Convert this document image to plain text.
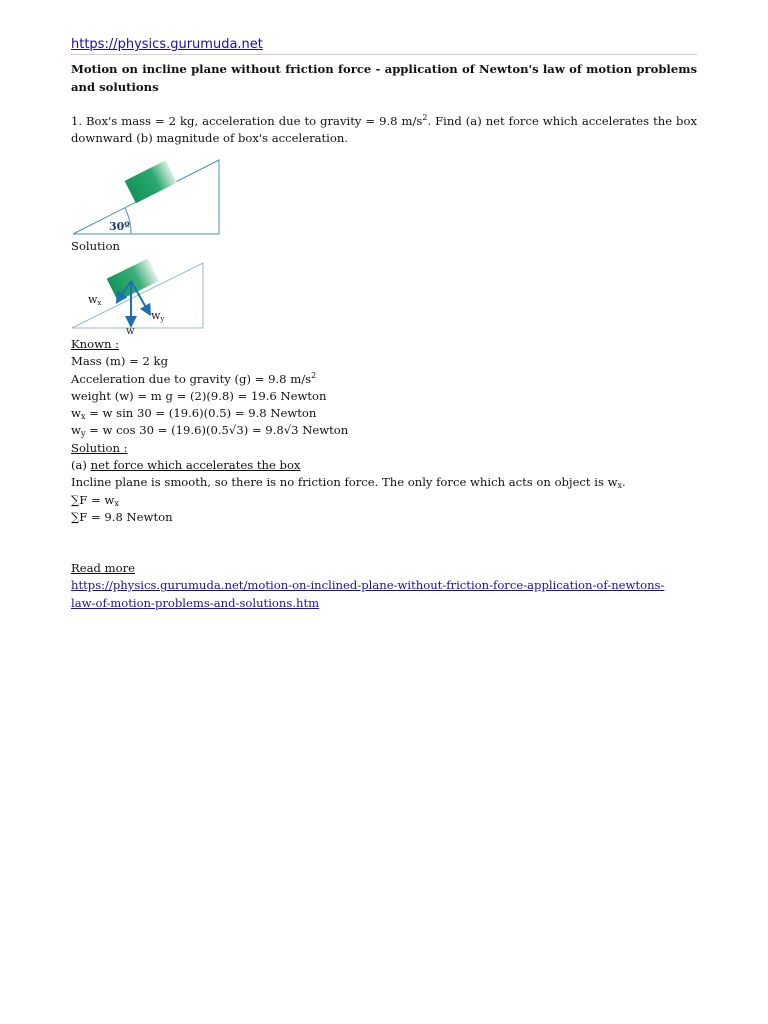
https://physics.gurumuda.net
Motion on incline plane without friction force - application of Newton's law of motion problems and solutions
1. Box's mass = 2 kg, acceleration due to gravity = 9.8 $m/s^2$. Find (a) net force which accelerates the box downward (b) magnitude of box's acceleration.
30º
Solution
wx
wy
w
Known :
Mass (m) = 2 kg
Acceleration due to gravity (g) = 9.8 $m/s^2$
weight (w) = m g = (2)(9.8) = 19.6 Newton
$w_x = w$ sin 30 = (19.6)(0.5) = 9.8 Newton
$w_y = w$ cos 30 = (19.6)(0.5√3) = 9.8√3 Newton
Solution :
(a) net force which accelerates the box
Incline plane is smooth, so there is no friction force. The only force which acts on object is $w_x$.
$\sum F = w_x$
∑F = 9.8 Newton
Read more
https://physics.gurumuda.net/motion-on-inclined-plane-without-friction-force-application-of-newtons-
law-of-motion-problems-and-solutions.htm
